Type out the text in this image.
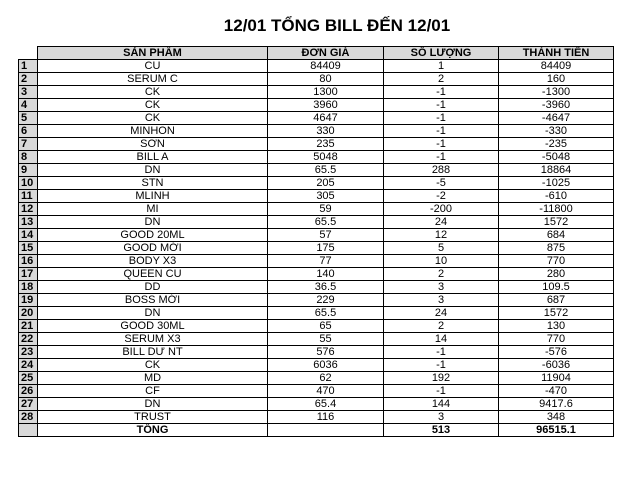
12/01 TỔNG BILL ĐẾN 12/01
	SẢN PHẨM	ĐƠN GIÁ	SỐ LƯỢNG	THÀNH TIỀN
1	CU	84409	1	84409
2	SERUM C	80	2	160
3	CK	1300	-1	-1300
4	CK	3960	-1	-3960
5	CK	4647	-1	-4647
6	MINHON	330	-1	-330
7	SƠN	235	-1	-235
8	BILL A	5048	-1	-5048
9	DN	65.5	288	18864
10	STN	205	-5	-1025
11	MLINH	305	-2	-610
12	MI	59	-200	-11800
13	DN	65.5	24	1572
14	GOOD 20ML	57	12	684
15	GOOD MỚI	175	5	875
16	BODY X3	77	10	770
17	QUEEN CU	140	2	280
18	DD	36.5	3	109.5
19	BOSS MỚI	229	3	687
20	DN	65.5	24	1572
21	GOOD 30ML	65	2	130
22	SERUM X3	55	14	770
23	BILL DƯ NT	576	-1	-576
24	CK	6036	-1	-6036
25	MD	62	192	11904
26	CF	470	-1	-470
27	DN	65.4	144	9417.6
28	TRUST	116	3	348
	TỔNG		513	96515.1
